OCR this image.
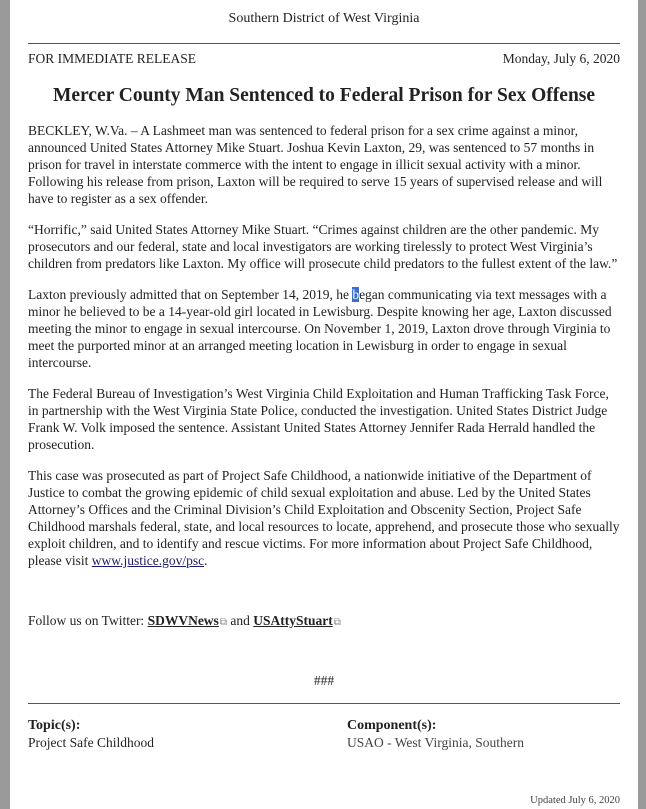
Southern District of West Virginia
FOR IMMEDIATE RELEASE	Monday, July 6, 2020
Mercer County Man Sentenced to Federal Prison for Sex Offense

BECKLEY, W.Va. – A Lashmeet man was sentenced to federal prison for a sex crime against a minor, announced United States Attorney Mike Stuart. Joshua Kevin Laxton, 29, was sentenced to 57 months in prison for travel in interstate commerce with the intent to engage in illicit sexual activity with a minor. Following his release from prison, Laxton will be required to serve 15 years of supervised release and will have to register as a sex offender.

“Horrific,” said United States Attorney Mike Stuart. “Crimes against children are the other pandemic. My prosecutors and our federal, state and local investigators are working tirelessly to protect West Virginia’s children from predators like Laxton. My office will prosecute child predators to the fullest extent of the law.”

Laxton previously admitted that on September 14, 2019, he began communicating via text messages with a minor he believed to be a 14-year-old girl located in Lewisburg. Despite knowing her age, Laxton discussed meeting the minor to engage in sexual intercourse. On November 1, 2019, Laxton drove through Virginia to meet the purported minor at an arranged meeting location in Lewisburg in order to engage in sexual intercourse.

The Federal Bureau of Investigation’s West Virginia Child Exploitation and Human Trafficking Task Force, in partnership with the West Virginia State Police, conducted the investigation. United States District Judge Frank W. Volk imposed the sentence. Assistant United States Attorney Jennifer Rada Herrald handled the prosecution.

This case was prosecuted as part of Project Safe Childhood, a nationwide initiative of the Department of Justice to combat the growing epidemic of child sexual exploitation and abuse. Led by the United States Attorney’s Offices and the Criminal Division’s Child Exploitation and Obscenity Section, Project Safe Childhood marshals federal, state, and local resources to locate, apprehend, and prosecute those who sexually exploit children, and to identify and rescue victims. For more information about Project Safe Childhood, please visit www.justice.gov/psc.

Follow us on Twitter: SDWVNews⧉ and USAttyStuart⧉
###
Topic(s):
Project Safe Childhood
Component(s):
USAO - West Virginia, Southern
Updated July 6, 2020
